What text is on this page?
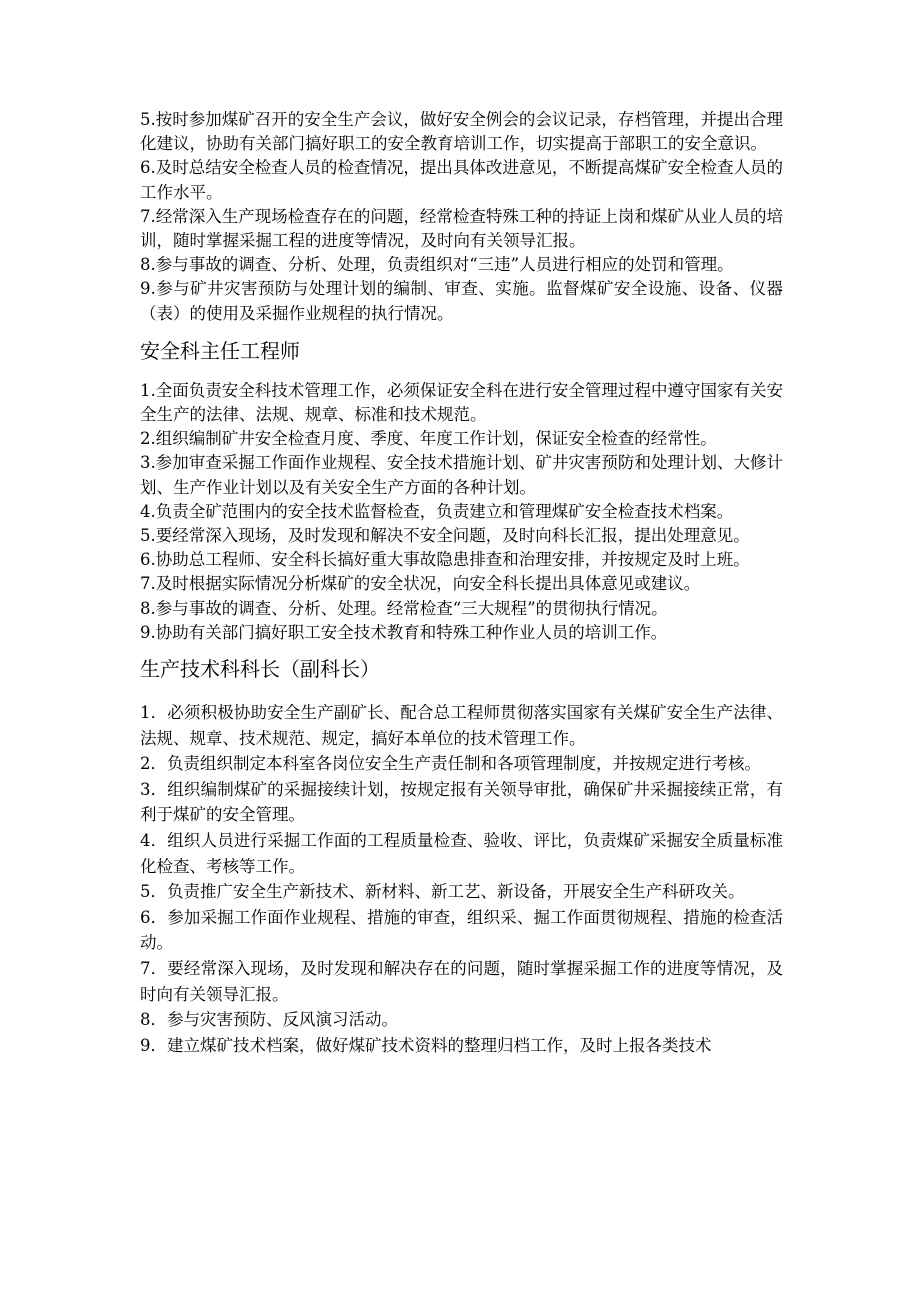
5.按时参加煤矿召开的安全生产会议，做好安全例会的会议记录，存档管理，并提出合理化建议，协助有关部门搞好职工的安全教育培训工作，切实提高于部职工的安全意识。

6.及时总结安全检查人员的检查情况，提出具体改进意见，不断提高煤矿安全检查人员的工作水平。

7.经常深入生产现场检查存在的问题，经常检查特殊工种的持证上岗和煤矿从业人员的培训，随时掌握采掘工程的进度等情况，及时向有关领导汇报。

8.参与事故的调查、分析、处理，负责组织对“三违”人员进行相应的处罚和管理。

9.参与矿井灾害预防与处理计划的编制、审查、实施。监督煤矿安全设施、设备、仪器（表）的使用及采掘作业规程的执行情况。

安全科主任工程师

1.全面负责安全科技术管理工作，必须保证安全科在进行安全管理过程中遵守国家有关安全生产的法律、法规、规章、标准和技术规范。

2.组织编制矿井安全检查月度、季度、年度工作计划，保证安全检查的经常性。

3.参加审查采掘工作面作业规程、安全技术措施计划、矿井灾害预防和处理计划、大修计划、生产作业计划以及有关安全生产方面的各种计划。

4.负责全矿范围内的安全技术监督检查，负责建立和管理煤矿安全检查技术档案。

5.要经常深入现场，及时发现和解决不安全问题，及时向科长汇报，提出处理意见。

6.协助总工程师、安全科长搞好重大事故隐患排查和治理安排，并按规定及时上班。

7.及时根据实际情况分析煤矿的安全状况，向安全科长提出具体意见或建议。

8.参与事故的调查、分析、处理。经常检查“三大规程”的贯彻执行情况。

9.协助有关部门搞好职工安全技术教育和特殊工种作业人员的培训工作。

生产技术科科长（副科长）

1．必须积极协助安全生产副矿长、配合总工程师贯彻落实国家有关煤矿安全生产法律、法规、规章、技术规范、规定，搞好本单位的技术管理工作。

2．负责组织制定本科室各岗位安全生产责任制和各项管理制度，并按规定进行考核。

3．组织编制煤矿的采掘接续计划，按规定报有关领导审批，确保矿井采掘接续正常，有利于煤矿的安全管理。

4．组织人员进行采掘工作面的工程质量检查、验收、评比，负责煤矿采掘安全质量标准化检查、考核等工作。

5．负责推广安全生产新技术、新材料、新工艺、新设备，开展安全生产科研攻关。

6．参加采掘工作面作业规程、措施的审查，组织采、掘工作面贯彻规程、措施的检查活动。

7．要经常深入现场，及时发现和解决存在的问题，随时掌握采掘工作的进度等情况，及时向有关领导汇报。

8．参与灾害预防、反风演习活动。

9．建立煤矿技术档案，做好煤矿技术资料的整理归档工作，及时上报各类技术
